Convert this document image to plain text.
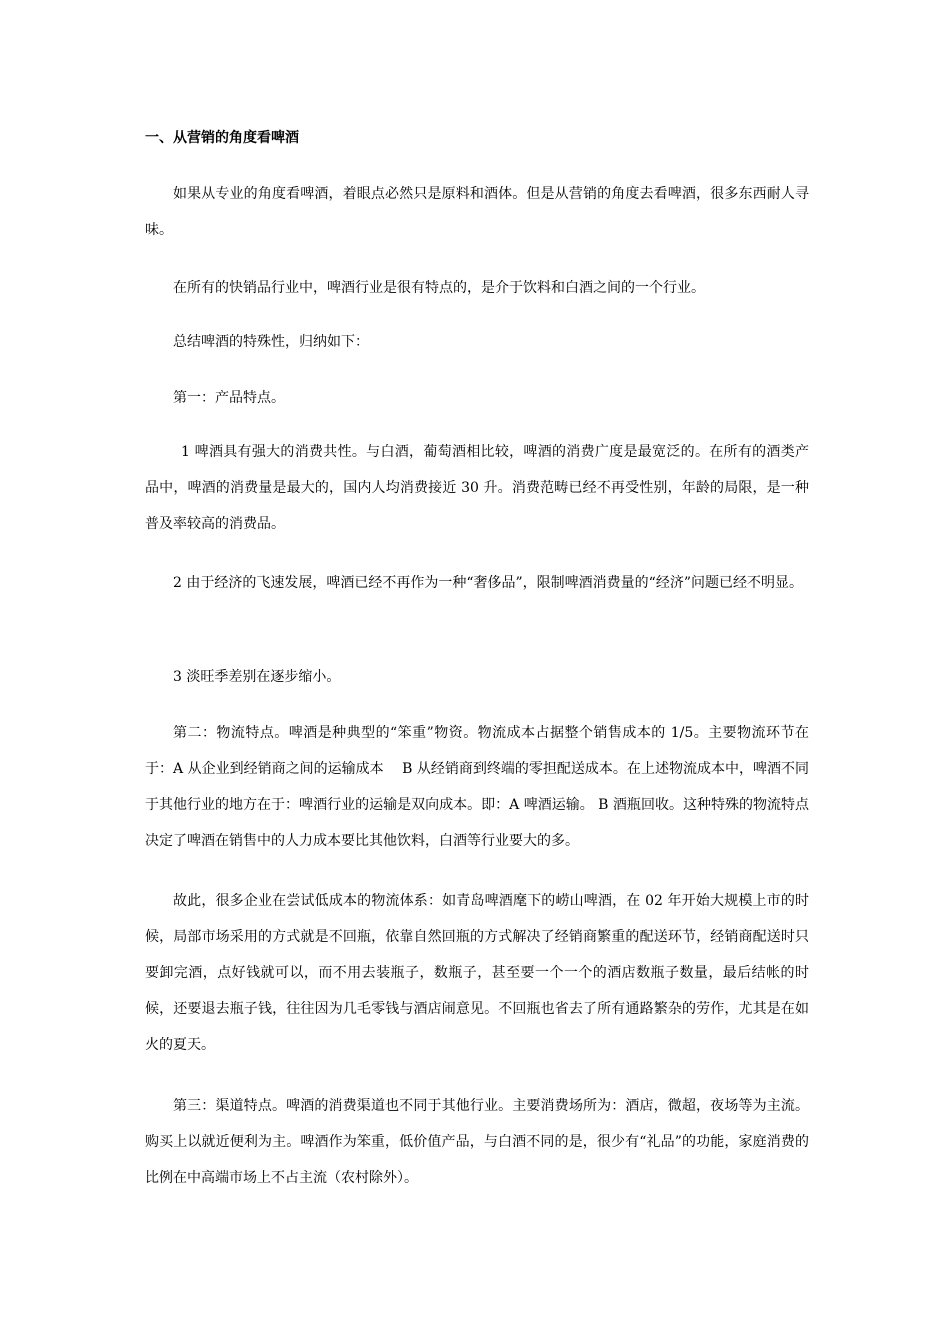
一、从营销的角度看啤酒

如果从专业的角度看啤酒，着眼点必然只是原料和酒体。但是从营销的角度去看啤酒，很多东西耐人寻味。

在所有的快销品行业中，啤酒行业是很有特点的，是介于饮料和白酒之间的一个行业。

总结啤酒的特殊性，归纳如下：

第一：产品特点。

1 啤酒具有强大的消费共性。与白酒，葡萄酒相比较，啤酒的消费广度是最宽泛的。在所有的酒类产品中，啤酒的消费量是最大的，国内人均消费接近 30 升。消费范畴已经不再受性别，年龄的局限，是一种普及率较高的消费品。

2 由于经济的飞速发展，啤酒已经不再作为一种“奢侈品”，限制啤酒消费量的“经济”问题已经不明显。

3 淡旺季差别在逐步缩小。

第二：物流特点。啤酒是种典型的“笨重”物资。物流成本占据整个销售成本的 1/5。主要物流环节在于：A 从企业到经销商之间的运输成本　 B 从经销商到终端的零担配送成本。在上述物流成本中，啤酒不同于其他行业的地方在于：啤酒行业的运输是双向成本。即：A 啤酒运输。 B 酒瓶回收。这种特殊的物流特点决定了啤酒在销售中的人力成本要比其他饮料，白酒等行业要大的多。

故此，很多企业在尝试低成本的物流体系：如青岛啤酒麾下的崂山啤酒，在 02 年开始大规模上市的时候，局部市场采用的方式就是不回瓶，依靠自然回瓶的方式解决了经销商繁重的配送环节，经销商配送时只要卸完酒，点好钱就可以，而不用去装瓶子，数瓶子，甚至要一个一个的酒店数瓶子数量，最后结帐的时候，还要退去瓶子钱，往往因为几毛零钱与酒店闹意见。不回瓶也省去了所有通路繁杂的劳作，尤其是在如火的夏天。

第三：渠道特点。啤酒的消费渠道也不同于其他行业。主要消费场所为：酒店，微超，夜场等为主流。购买上以就近便利为主。啤酒作为笨重，低价值产品，与白酒不同的是，很少有“礼品”的功能，家庭消费的比例在中高端市场上不占主流（农村除外）。
